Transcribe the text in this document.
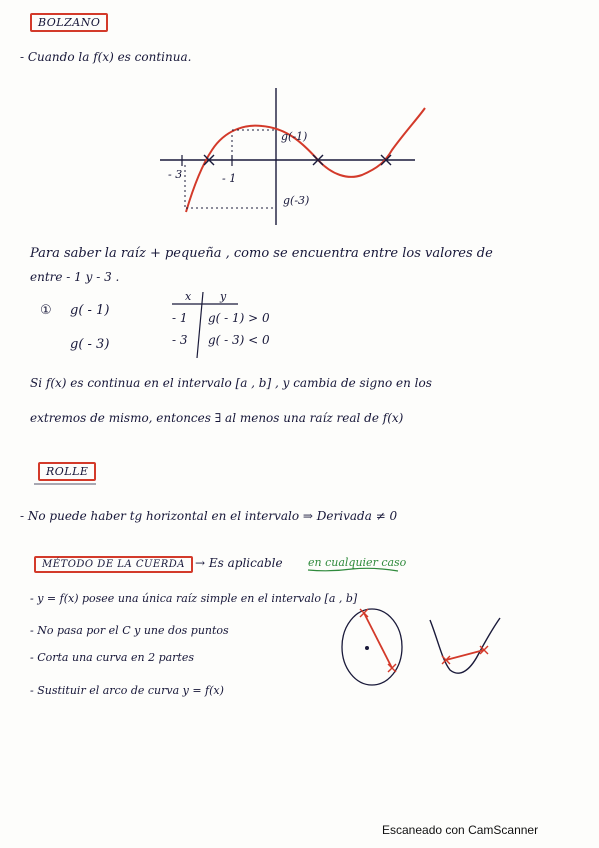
BOLZANO
- Cuando la f(x) es continua.
- 3	- 1
g(-1)
g(-3)
Para saber la raíz + pequeña , como se encuentra entre los valores de
entre - 1 y - 3 .
① g( - 1)
g( - 3)
x	y
- 1 g( - 1) > 0
- 3 g( - 3) < 0
Si f(x) es continua en el intervalo [a , b] , y cambia de signo en los
extremos de mismo, entonces ∃ al menos una raíz real de f(x)
ROLLE
- No puede haber tg horizontal en el intervalo ⇒ Derivada ≠ 0
MÉTODO DE LA CUERDA → Es aplicable en cualquier caso
- y = f(x) posee una única raíz simple en el intervalo [a , b]
- No pasa por el C y une dos puntos
- Corta una curva en 2 partes
- Sustituir el arco de curva y = f(x)
Escaneado con CamScanner
